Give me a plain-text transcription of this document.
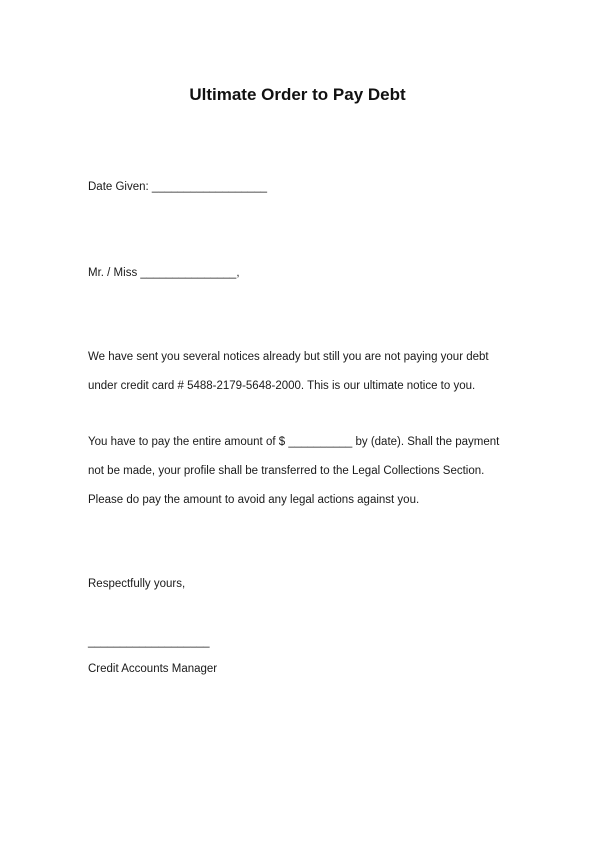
Ultimate Order to Pay Debt

Date Given: __________________

Mr. / Miss _______________,

We have sent you several notices already but still you are not paying your debt

under credit card # 5488-2179-5648-2000. This is our ultimate notice to you.

You have to pay the entire amount of $ __________ by (date). Shall the payment

not be made, your profile shall be transferred to the Legal Collections Section.

Please do pay the amount to avoid any legal actions against you.

Respectfully yours,

___________________

Credit Accounts Manager
